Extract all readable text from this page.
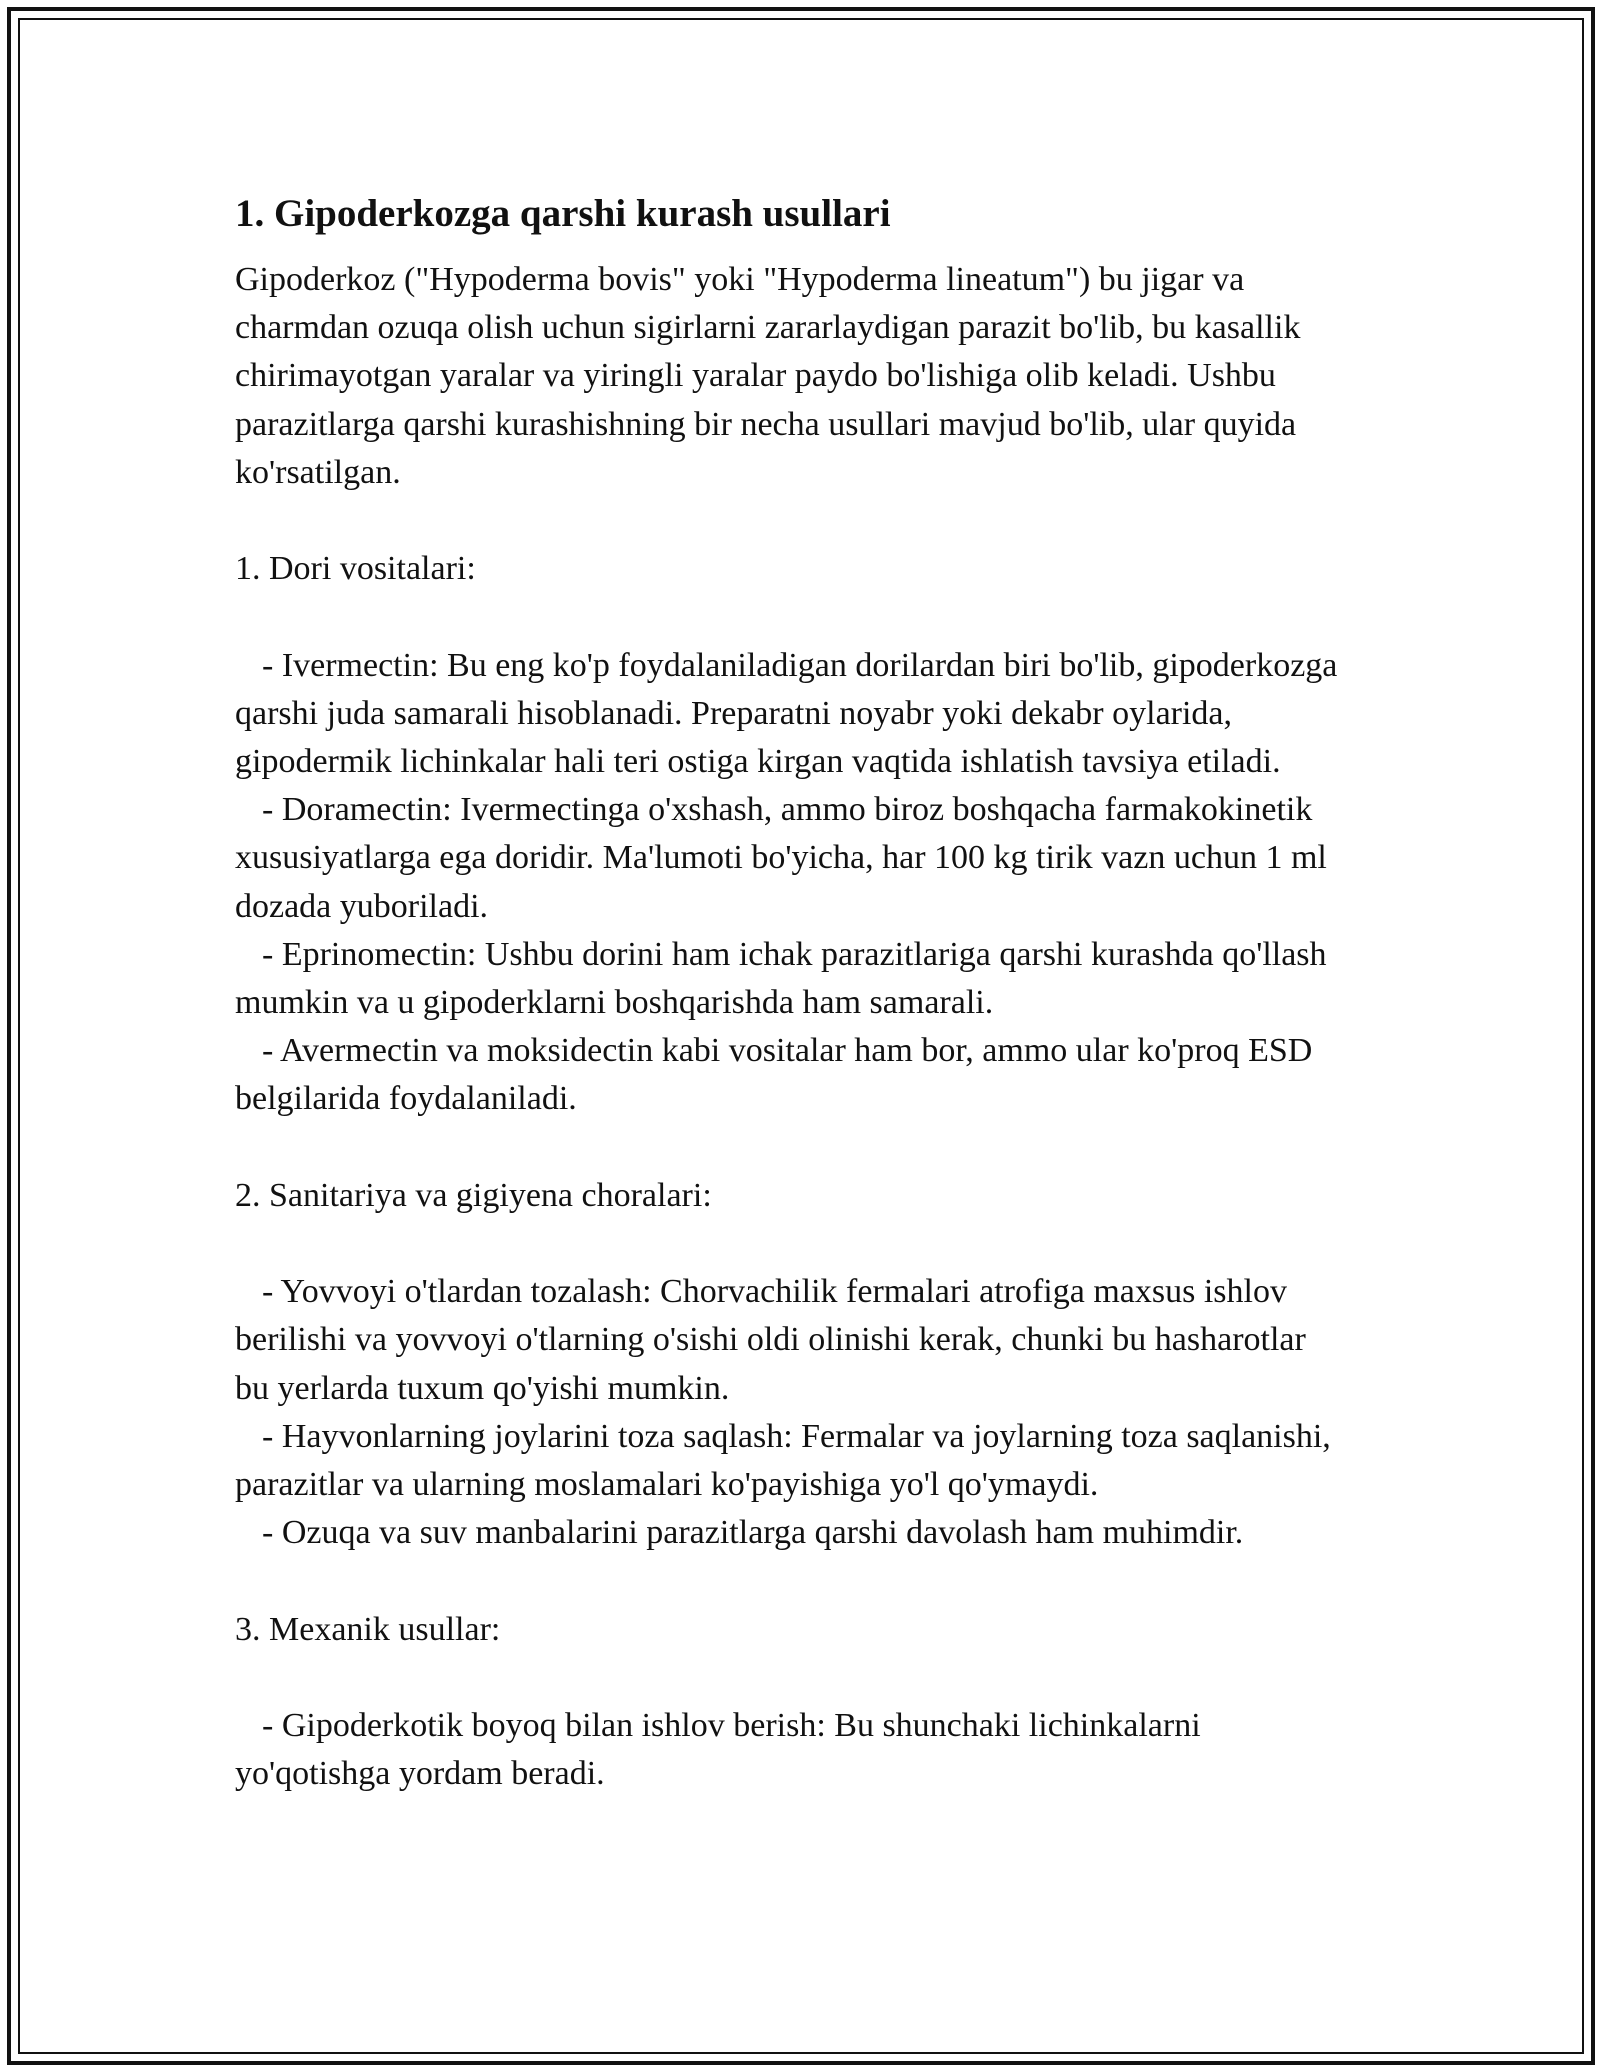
1. Gipoderkozga qarshi kurash usullari

Gipoderkoz ("Hypoderma bovis" yoki "Hypoderma lineatum") bu jigar va charmdan ozuqa olish uchun sigirlarni zararlaydigan parazit bo'lib, bu kasallik chirimayotgan yaralar va yiringli yaralar paydo bo'lishiga olib keladi. Ushbu parazitlarga qarshi kurashishning bir necha usullari mavjud bo'lib, ular quyida ko'rsatilgan.

1. Dori vositalari:

- Ivermectin: Bu eng ko'p foydalaniladigan dorilardan biri bo'lib, gipoderkozga qarshi juda samarali hisoblanadi. Preparatni noyabr yoki dekabr oylarida, gipodermik lichinkalar hali teri ostiga kirgan vaqtida ishlatish tavsiya etiladi.

- Doramectin: Ivermectinga o'xshash, ammo biroz boshqacha farmakokinetik xususiyatlarga ega doridir. Ma'lumoti bo'yicha, har 100 kg tirik vazn uchun 1 ml dozada yuboriladi.

- Eprinomectin: Ushbu dorini ham ichak parazitlariga qarshi kurashda qo'llash mumkin va u gipoderklarni boshqarishda ham samarali.

- Avermectin va moksidectin kabi vositalar ham bor, ammo ular ko'proq ESD belgilarida foydalaniladi.

2. Sanitariya va gigiyena choralari:

- Yovvoyi o'tlardan tozalash: Chorvachilik fermalari atrofiga maxsus ishlov berilishi va yovvoyi o'tlarning o'sishi oldi olinishi kerak, chunki bu hasharotlar bu yerlarda tuxum qo'yishi mumkin.

- Hayvonlarning joylarini toza saqlash: Fermalar va joylarning toza saqlanishi, parazitlar va ularning moslamalari ko'payishiga yo'l qo'ymaydi.

- Ozuqa va suv manbalarini parazitlarga qarshi davolash ham muhimdir.

3. Mexanik usullar:

- Gipoderkotik boyoq bilan ishlov berish: Bu shunchaki lichinkalarni yo'qotishga yordam beradi.
